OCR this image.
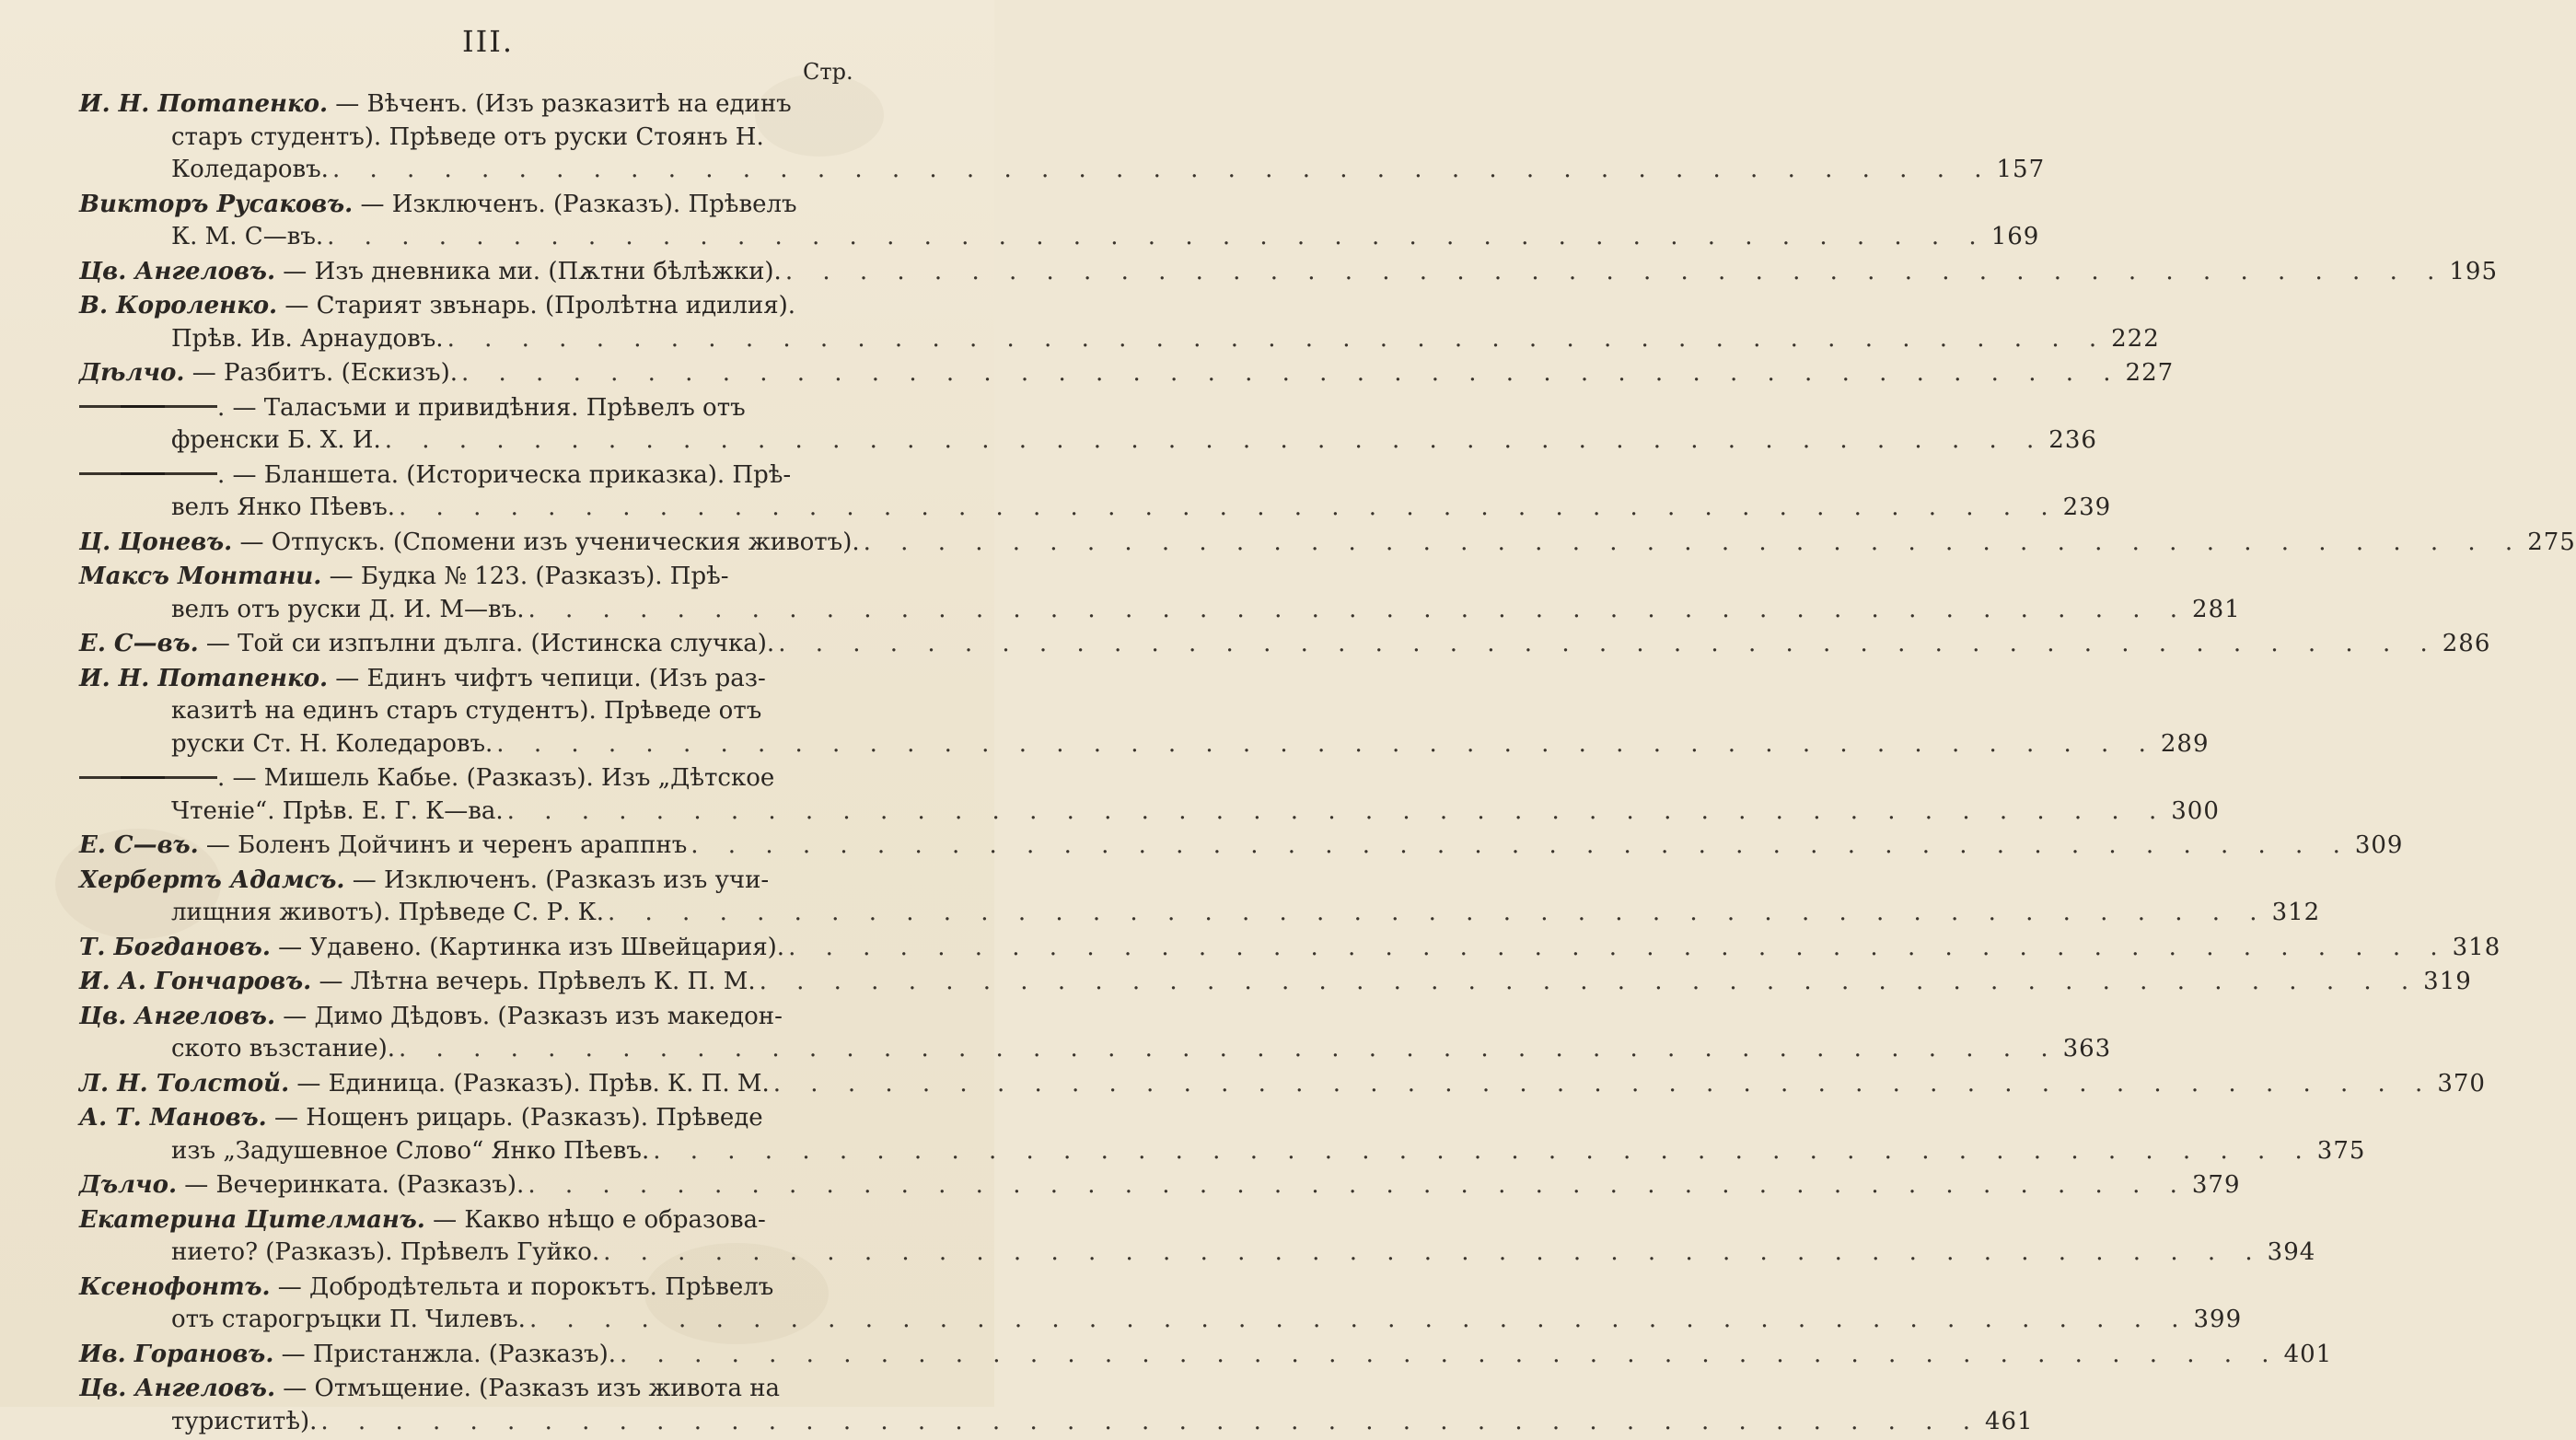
III.
Стр.
И. Н. Потапенко. — Вѣченъ. (Изъ разказитѣ на единъ
старъ студентъ). Прѣведе отъ руски Стоянъ Н.
Коледаровъ. . . .	157
Викторъ Русаковъ. — Изключенъ. (Разказъ). Прѣвелъ
К. М. С—въ. . . .	169
Цв. Ангеловъ. — Изъ дневника ми. (Пѫтни бѣлѣжки). . . .	195
В. Короленко. — Старият звънарь. (Пролѣтна идилия).
Прѣв. Ив. Арнаудовъ. . . .	222
Дѣлчо. — Разбитъ. (Ескизъ). . . .	227
. — Таласъми и привидѣния. Прѣвелъ отъ
френски Б. Х. И. . . .	236
. — Бланшета. (Историческа приказка). Прѣ-
велъ Янко Пѣевъ. . . .	239
Ц. Цоневъ. — Отпускъ. (Спомени изъ ученическия животъ). . . .	275
Максъ Монтани. — Будка № 123. (Разказъ). Прѣ-
велъ отъ руски Д. И. М—въ. . . .	281
Е. С—въ. — Той си изпълни дълга. (Истинска случка). . . .	286
И. Н. Потапенко. — Единъ чифтъ чепици. (Изъ раз-
казитѣ на единъ старъ студентъ). Прѣведе отъ
руски Ст. Н. Коледаровъ. . . .	289
. — Мишель Кабье. (Разказъ). Изъ „Дѣтское
Чтенiе“. Прѣв. Е. Г. К—ва. . . .	300
Е. С—въ. — Боленъ Дойчинъ и черенъ араппнъ . . .	309
Хербертъ Адамсъ. — Изключенъ. (Разказъ изъ учи-
лищния животъ). Прѣведе С. Р. К. . . .	312
Т. Богдановъ. — Удавено. (Картинка изъ Швейцария). . . .	318
И. А. Гончаровъ. — Лѣтна вечерь. Прѣвелъ К. П. М. . . .	319
Цв. Ангеловъ. — Димо Дѣдовъ. (Разказъ изъ македон-
ското възстание). . . .	363
Л. Н. Толстой. — Единица. (Разказъ). Прѣв. К. П. М. . . .	370
А. Т. Мановъ. — Нощенъ рицарь. (Разказъ). Прѣведе
изъ „Задушевное Слово“ Янко Пѣевъ. . . .	375
Дълчо. — Вечеринката. (Разказъ). . . .	379
Екатерина Цителманъ. — Какво нѣщо е образова-
нието? (Разказъ). Прѣвелъ Гуйко. . . .	394
Ксенофонтъ. — Добродѣтельта и порокътъ. Прѣвелъ
отъ старогръцки П. Чилевъ. . . .	399
Ив. Горановъ. — Пристанжла. (Разказъ). . . .	401
Цв. Ангеловъ. — Отмъщение. (Разказъ изъ живота на
туриститѣ). . . .	461
